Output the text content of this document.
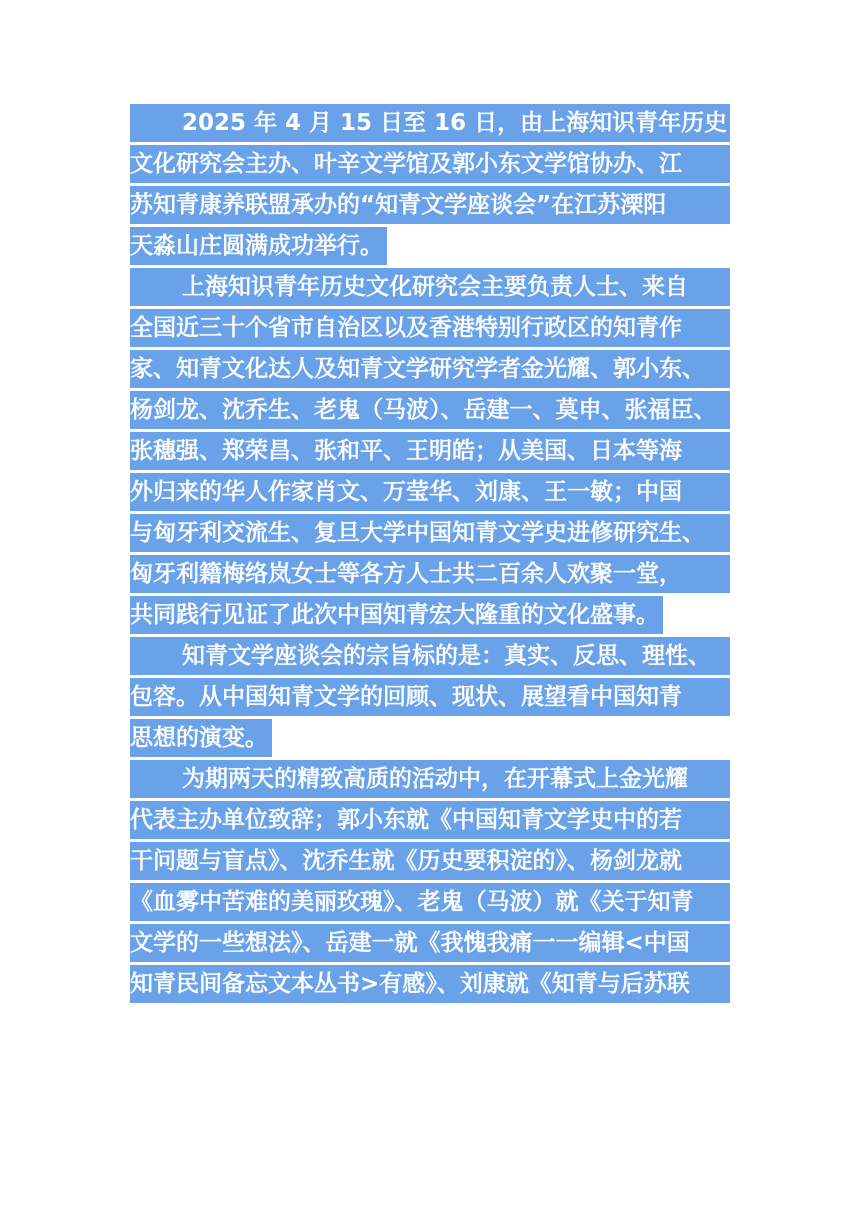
2025 年 4 月 15 日至 16 日，由上海知识青年历史
文化研究会主办、叶辛文学馆及郭小东文学馆协办、江
苏知青康养联盟承办的“知青文学座谈会”在江苏溧阳
天淼山庄圆满成功举行。
上海知识青年历史文化研究会主要负责人士、来自
全国近三十个省市自治区以及香港特别行政区的知青作
家、知青文化达人及知青文学研究学者金光耀、郭小东、
杨剑龙、沈乔生、老鬼（马波）、岳建一、莫申、张福臣、
张穗强、郑荣昌、张和平、王明皓；从美国、日本等海
外归来的华人作家肖文、万莹华、刘康、王一敏；中国
与匈牙利交流生、复旦大学中国知青文学史进修研究生、
匈牙利籍梅络岚女士等各方人士共二百余人欢聚一堂，
共同践行见证了此次中国知青宏大隆重的文化盛事。
知青文学座谈会的宗旨标的是：真实、反思、理性、
包容。从中国知青文学的回顾、现状、展望看中国知青
思想的演变。
为期两天的精致高质的活动中，在开幕式上金光耀
代表主办单位致辞；郭小东就《中国知青文学史中的若
干问题与盲点》、沈乔生就《历史要积淀的》、杨剑龙就
《血雾中苦难的美丽玫瑰》、老鬼（马波）就《关于知青
文学的一些想法》、岳建一就《我愧我痛一一编辑<中国
知青民间备忘文本丛书>有感》、刘康就《知青与后苏联
